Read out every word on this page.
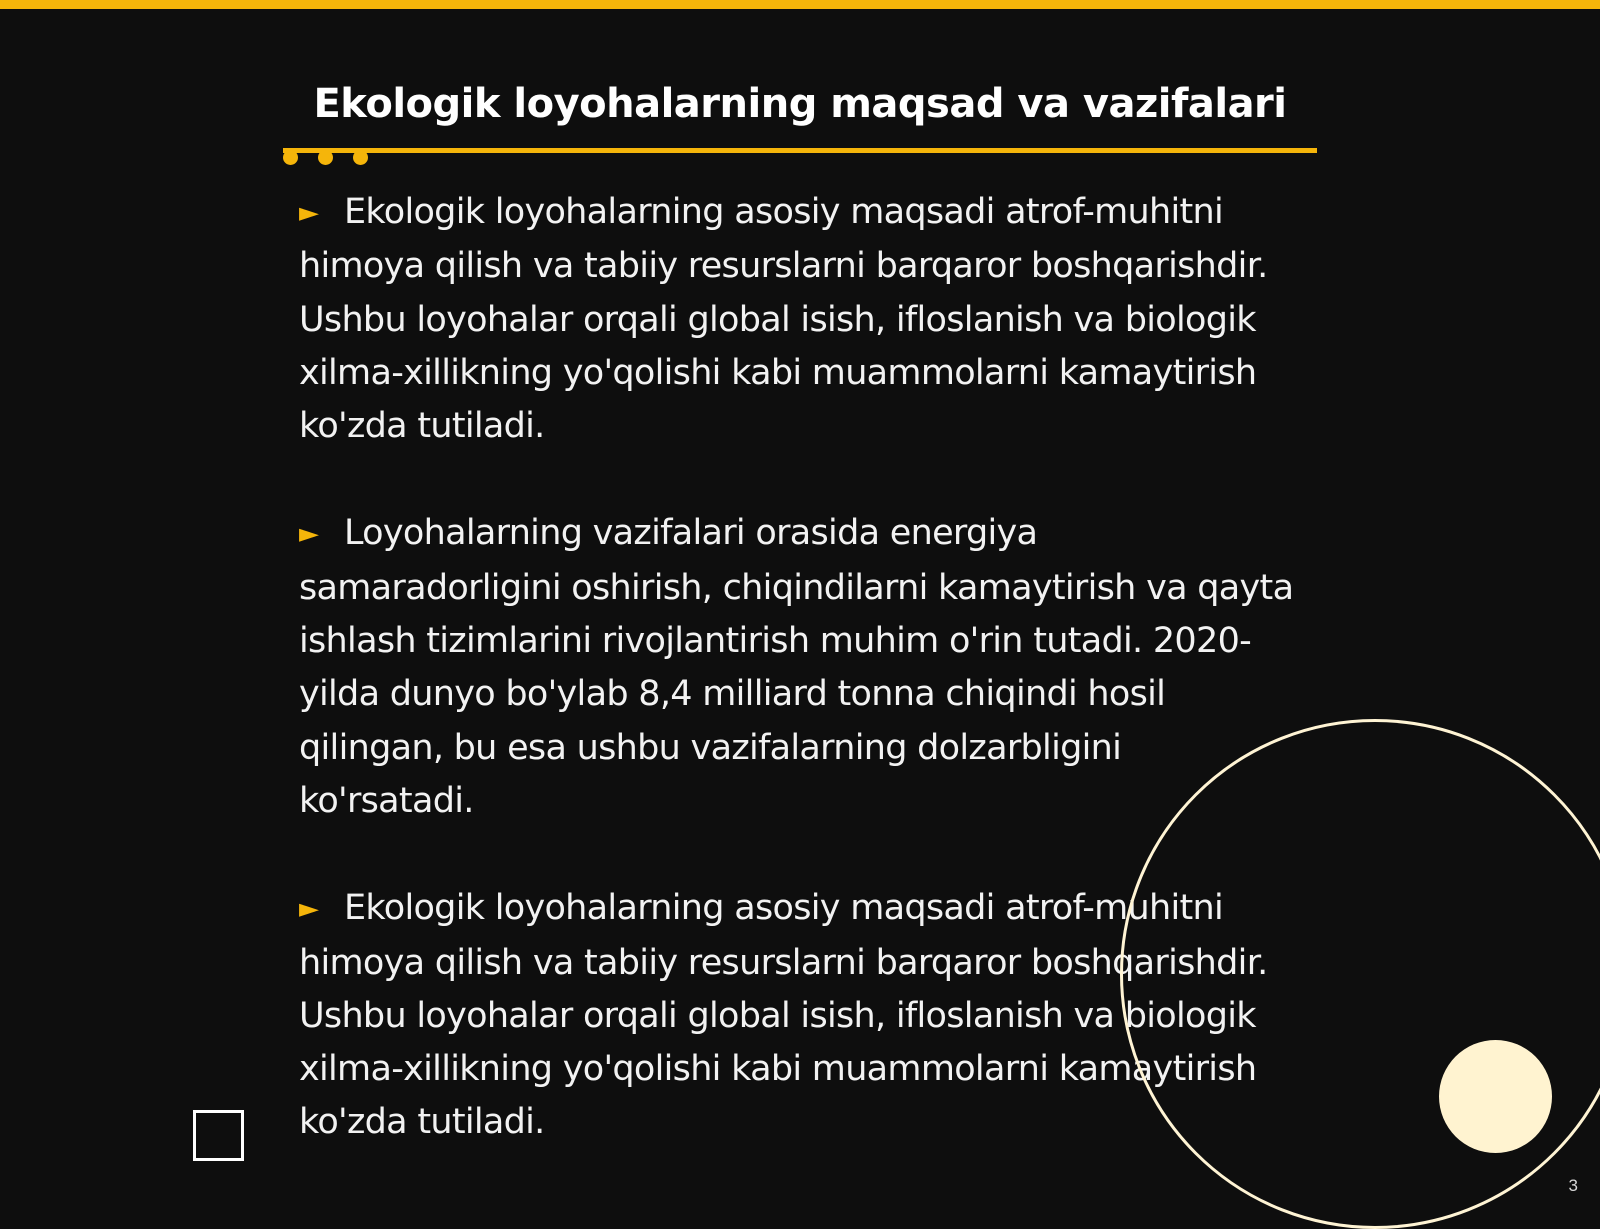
Ekologik loyohalarning maqsad va vazifalari

► Ekologik loyohalarning asosiy maqsadi atrof-muhitni himoya qilish va tabiiy resurslarni barqaror boshqarishdir. Ushbu loyohalar orqali global isish, ifloslanish va biologik xilma-xillikning yo'qolishi kabi muammolarni kamaytirish ko'zda tutiladi.

► Loyohalarning vazifalari orasida energiya samaradorligini oshirish, chiqindilarni kamaytirish va qayta ishlash tizimlarini rivojlantirish muhim o'rin tutadi. 2020-yilda dunyo bo'ylab 8,4 milliard tonna chiqindi hosil qilingan, bu esa ushbu vazifalarning dolzarbligini ko'rsatadi.

► Ekologik loyohalarning asosiy maqsadi atrof-muhitni himoya qilish va tabiiy resurslarni barqaror boshqarishdir. Ushbu loyohalar orqali global isish, ifloslanish va biologik xilma-xillikning yo'qolishi kabi muammolarni kamaytirish ko'zda tutiladi.

3
